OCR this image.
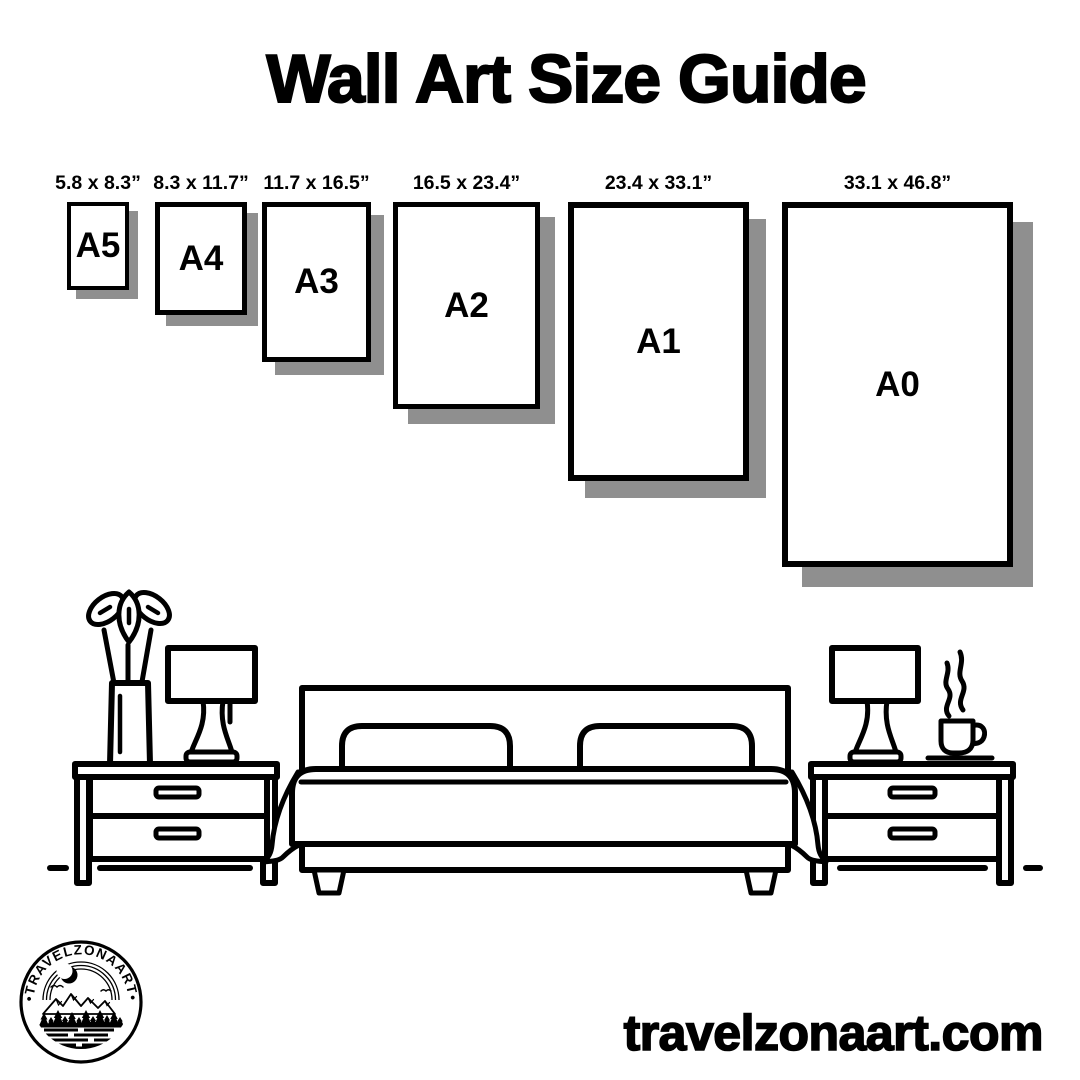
Wall Art Size Guide
5.8 x 8.3”
A5
8.3 x 11.7”
A4
11.7 x 16.5”
A3
16.5 x 23.4”
A2
23.4 x 33.1”
A1
33.1 x 46.8”
A0
•TRAVELZONAART•
travelzonaart.com
